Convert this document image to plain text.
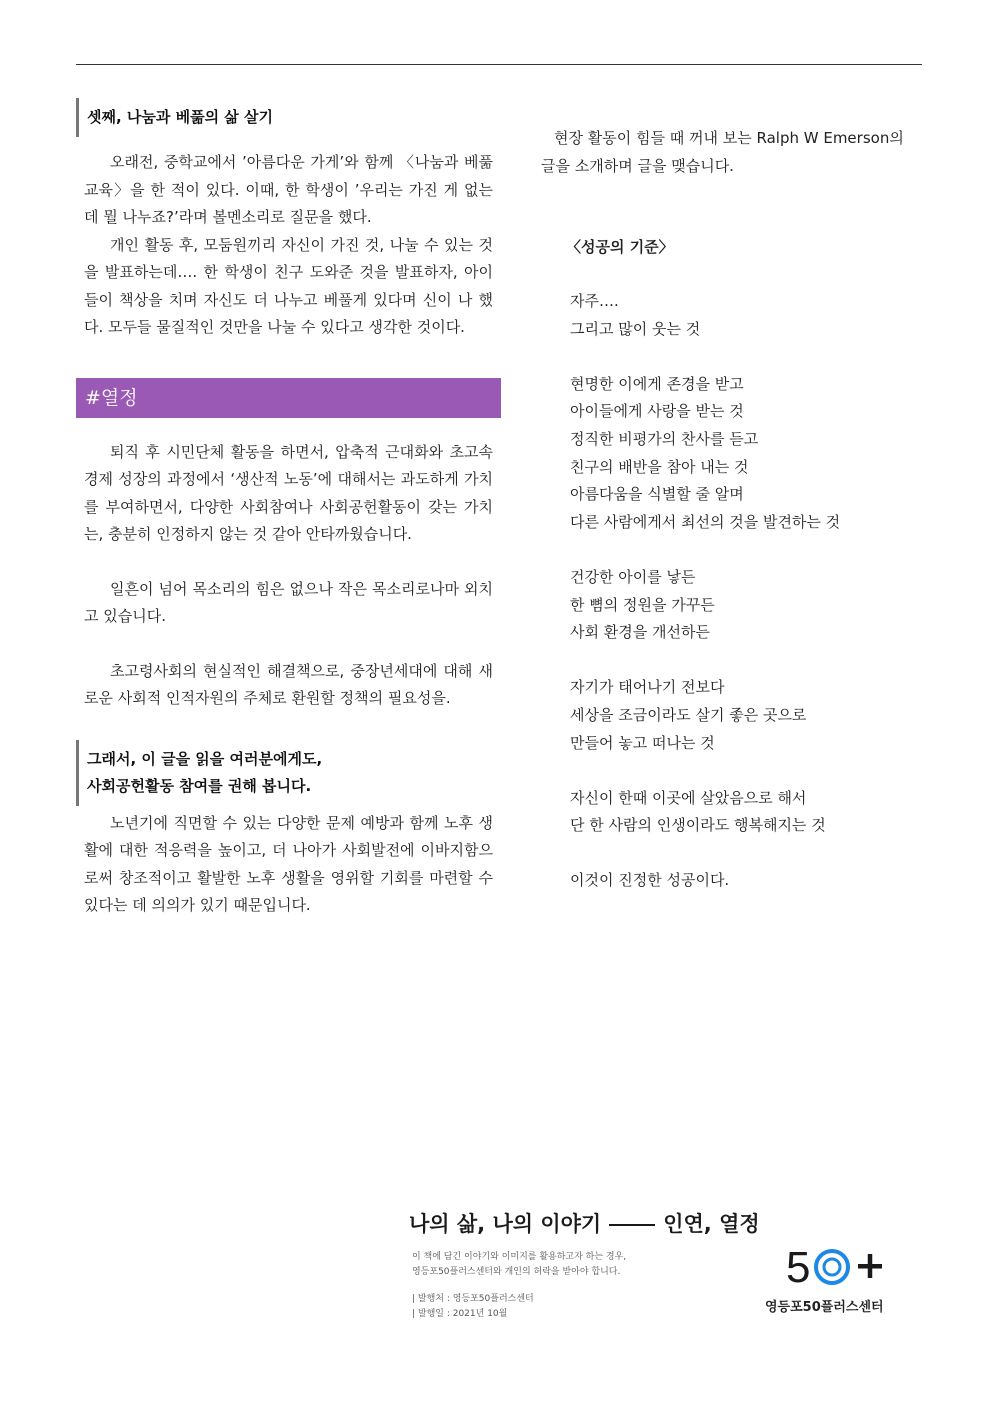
셋째, 나눔과 베풂의 삶 살기

오래전, 중학교에서 ’아름다운 가게’와 함께 〈나눔과 베풂 교육〉을 한 적이 있다. 이때, 한 학생이 ’우리는 가진 게 없는데 뭘 나누죠?’라며 볼멘소리로 질문을 했다.

개인 활동 후, 모둠원끼리 자신이 가진 것, 나눌 수 있는 것을 발표하는데…. 한 학생이 친구 도와준 것을 발표하자, 아이들이 책상을 치며 자신도 더 나누고 베풀게 있다며 신이 나 했다. 모두들 물질적인 것만을 나눌 수 있다고 생각한 것이다.

#열정

퇴직 후 시민단체 활동을 하면서, 압축적 근대화와 초고속 경제 성장의 과정에서 ‘생산적 노동’에 대해서는 과도하게 가치를 부여하면서, 다양한 사회참여나 사회공헌활동이 갖는 가치는, 충분히 인정하지 않는 것 같아 안타까웠습니다.

일흔이 넘어 목소리의 힘은 없으나 작은 목소리로나마 외치고 있습니다.

초고령사회의 현실적인 해결책으로, 중장년세대에 대해 새로운 사회적 인적자원의 주체로 환원할 정책의 필요성을.

그래서, 이 글을 읽을 여러분에게도,
사회공헌활동 참여를 권해 봅니다.

노년기에 직면할 수 있는 다양한 문제 예방과 함께 노후 생활에 대한 적응력을 높이고, 더 나아가 사회발전에 이바지함으로써 창조적이고 활발한 노후 생활을 영위할 기회를 마련할 수 있다는 데 의의가 있기 때문입니다.

현장 활동이 힘들 때 꺼내 보는 Ralph W Emerson의 글을 소개하며 글을 맺습니다.

〈성공의 기준〉

자주….
그리고 많이 웃는 것
현명한 이에게 존경을 받고
아이들에게 사랑을 받는 것
정직한 비평가의 찬사를 듣고
친구의 배반을 참아 내는 것
아름다움을 식별할 줄 알며
다른 사람에게서 최선의 것을 발견하는 것
건강한 아이를 낳든
한 뼘의 정원을 가꾸든
사회 환경을 개선하든
자기가 태어나기 전보다
세상을 조금이라도 살기 좋은 곳으로
만들어 놓고 떠나는 것
자신이 한때 이곳에 살았음으로 해서
단 한 사람의 인생이라도 행복해지는 것
이것이 진정한 성공이다.
나의 삶, 나의 이야기	인연, 열정
이 책에 담긴 이야기와 이미지를 활용하고자 하는 경우,
영등포50플러스센터와 개인의 허락을 받아야 합니다.
| 발행처 : 영등포50플러스센터
| 발행일 : 2021년 10월
5
영등포50플러스센터
